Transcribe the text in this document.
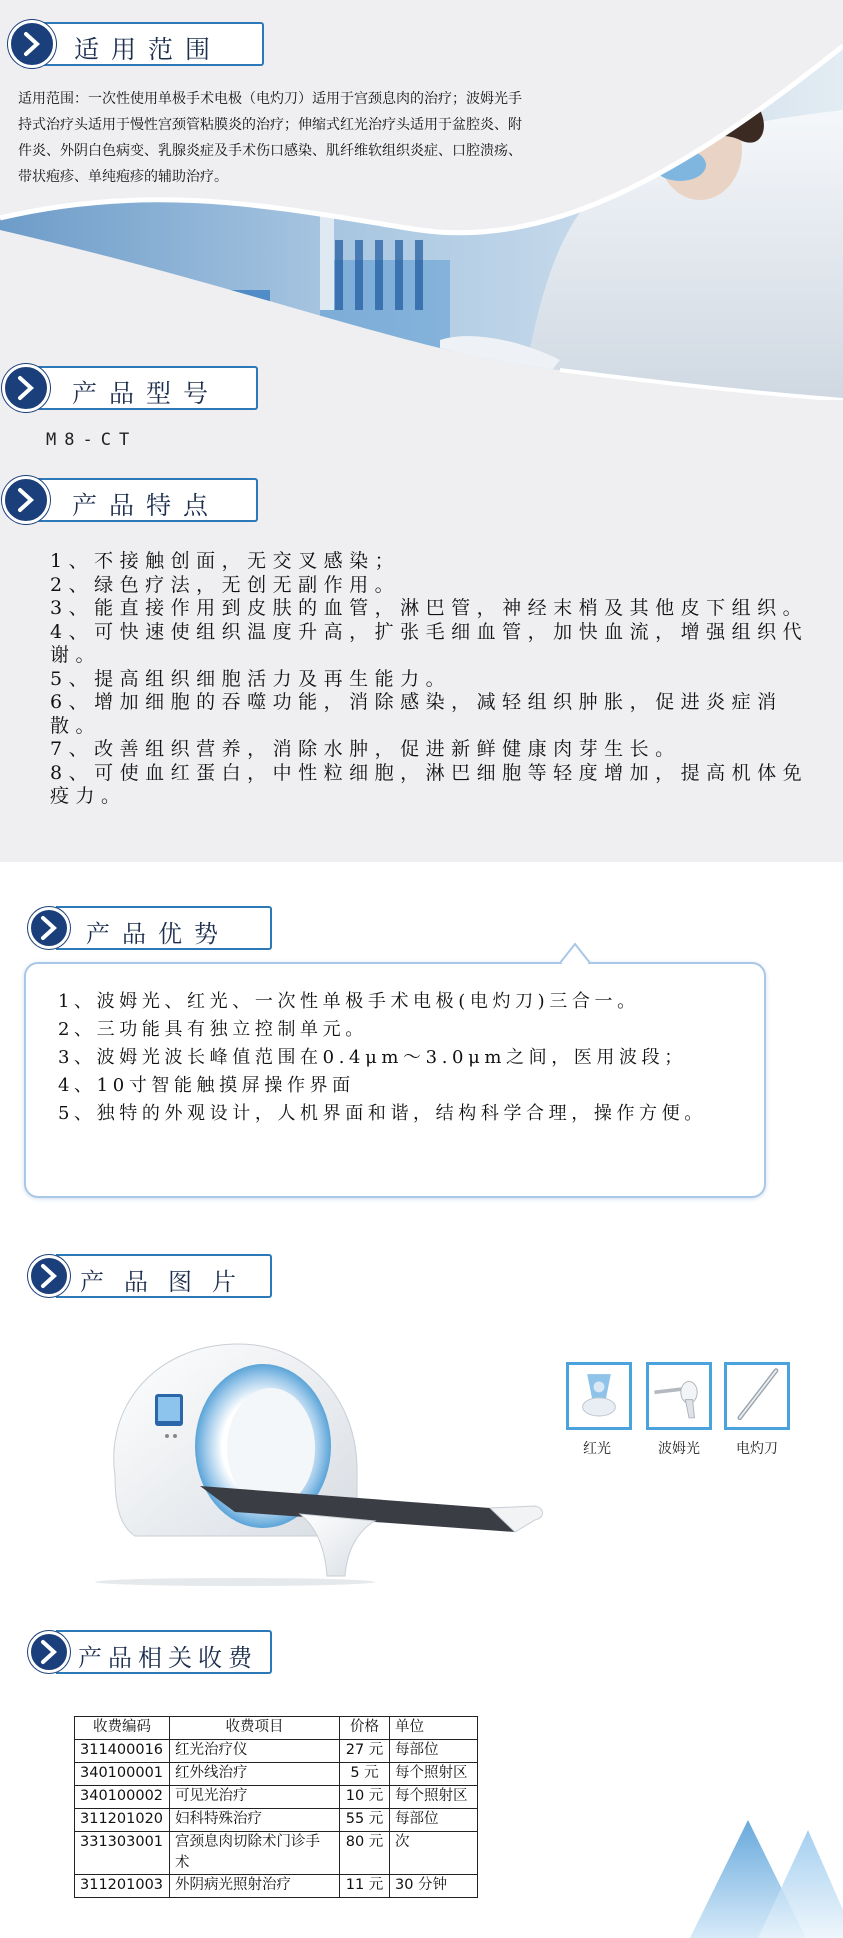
适用范围
适用范围：一次性使用单极手术电极（电灼刀）适用于宫颈息肉的治疗；波姆光手持式治疗头适用于慢性宫颈管粘膜炎的治疗；伸缩式红光治疗头适用于盆腔炎、附件炎、外阴白色病变、乳腺炎症及手术伤口感染、肌纤维软组织炎症、口腔溃疡、带状疱疹、单纯疱疹的辅助治疗。
产品型号
M8-CT
产品特点

1、不接触创面，无交叉感染；

2、绿色疗法，无创无副作用。

3、能直接作用到皮肤的血管，淋巴管，神经末梢及其他皮下组织。

4、可快速使组织温度升高，扩张毛细血管，加快血流，增强组织代谢。

5、提高组织细胞活力及再生能力。

6、增加细胞的吞噬功能，消除感染，减轻组织肿胀，促进炎症消散。

7、改善组织营养，消除水肿，促进新鲜健康肉芽生长。

8、可使血红蛋白，中性粒细胞，淋巴细胞等轻度增加，提高机体免疫力。

产品优势

1、波姆光、红光、一次性单极手术电极(电灼刀)三合一。

2、三功能具有独立控制单元。

3、波姆光波长峰值范围在0.4μm～3.0μm之间，医用波段；

4、10寸智能触摸屏操作界面

5、独特的外观设计，人机界面和谐，结构科学合理，操作方便。

产品图片
红光	波姆光	电灼刀
产品相关收费
收费编码	收费项目	价格	单位
311400016	红光治疗仪	27 元	每部位
340100001	红外线治疗	5 元	每个照射区
340100002	可见光治疗	10 元	每个照射区
311201020	妇科特殊治疗	55 元	每部位
331303001	宫颈息肉切除术门诊手术	80 元	次
311201003	外阴病光照射治疗	11 元	30 分钟
